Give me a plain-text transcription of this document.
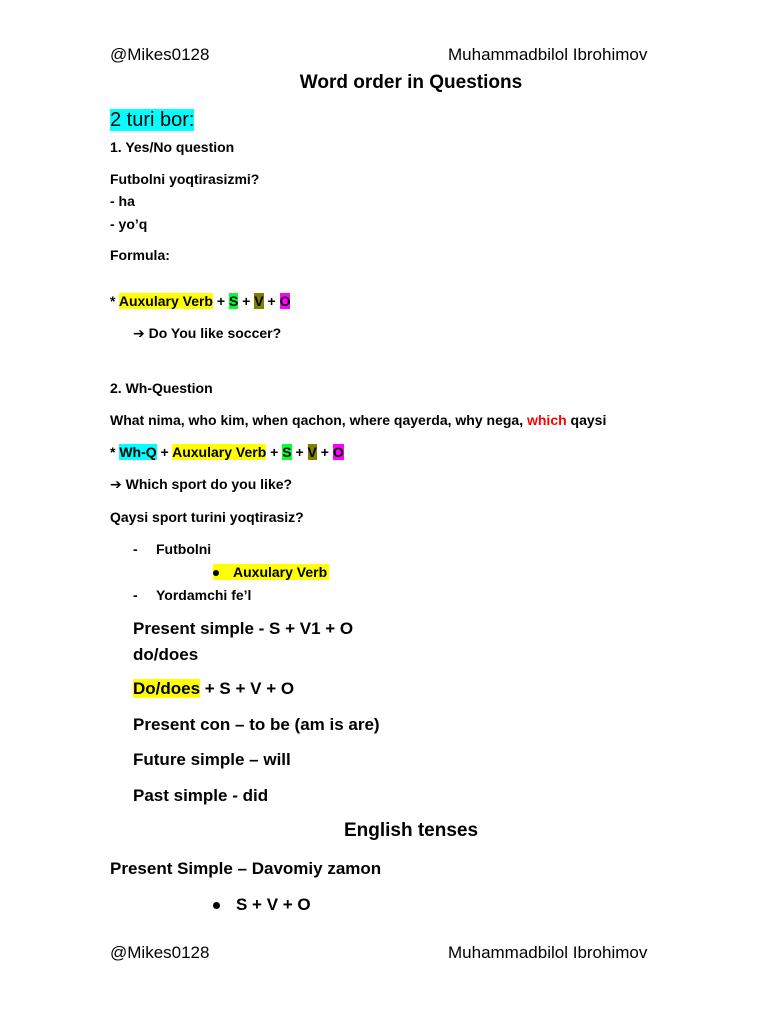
@Mikes0128	Muhammadbilol Ibrohimov
Word order in Questions
2 turi bor:
1. Yes/No question
Futbolni yoqtirasizmi?
- ha
- yo’q
Formula:
* Auxulary Verb + S + V + O
➔ Do You like soccer?
2. Wh-Question
What nima, who kim, when qachon, where qayerda, why nega, which qaysi
* Wh-Q + Auxulary Verb + S + V + O
➔ Which sport do you like?
Qaysi sport turini yoqtirasiz?
- Futbolni
Auxulary Verb
- Yordamchi fe’l
Present simple - S + V1 + O
do/does
Do/does + S + V + O
Present con – to be (am is are)
Future simple – will
Past simple - did
English tenses
Present Simple – Davomiy zamon
S + V + O
@Mikes0128	Muhammadbilol Ibrohimov
